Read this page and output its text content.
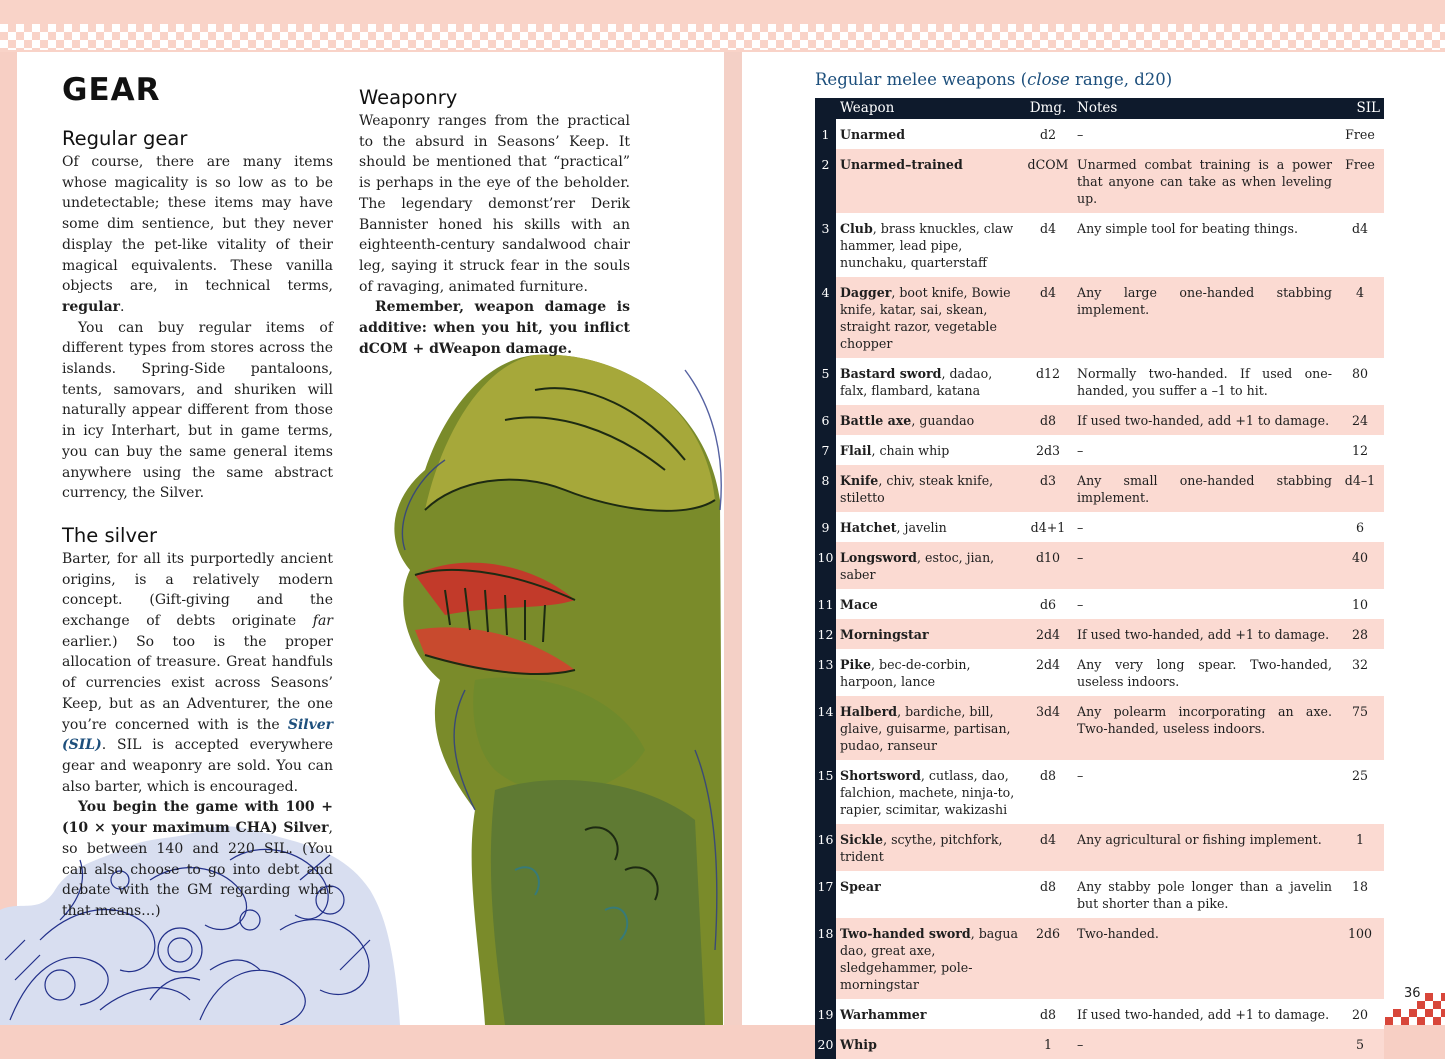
GEAR
Regular gear

Of course, there are many items whose magicality is so low as to be undetectable; these items may have some dim sentience, but they never display the pet-like vitality of their magical equivalents. These vanilla objects are, in technical terms, regular.

You can buy regular items of different types from stores across the islands. Spring-Side pantaloons, tents, samovars, and shuriken will naturally appear different from those in icy Interhart, but in game terms, you can buy the same general items anywhere using the same abstract currency, the Silver.

The silver

Barter, for all its purportedly ancient origins, is a relatively modern concept. (Gift-giving and the exchange of debts originate far earlier.) So too is the proper allocation of treasure. Great handfuls of currencies exist across Seasons’ Keep, but as an Adventurer, the one you’re concerned with is the Silver (SIL). SIL is accepted everywhere gear and weaponry are sold. You can also barter, which is encouraged.

You begin the game with 100 + (10 × your maximum CHA) Silver, so between 140 and 220 SIL. (You can also choose to go into debt and debate with the GM regarding what that means…)

Weaponry

Weaponry ranges from the practical to the absurd in Seasons’ Keep. It should be mentioned that “practical” is perhaps in the eye of the beholder. The legendary demonst’rer Derik Bannister honed his skills with an eighteenth-century sandalwood chair leg, saying it struck fear in the souls of ravaging, animated furniture.

Remember, weapon damage is additive: when you hit, you inflict dCOM + dWeapon damage.

Regular melee weapons (close range, d20)
	Weapon	Dmg.	Notes	SIL
1	Unarmed	d2	–	Free
2	Unarmed–trained	dCOM	Unarmed combat training is a power that anyone can take as when leveling up.	Free
3	Club, brass knuckles, claw hammer, lead pipe, nunchaku, quarterstaff	d4	Any simple tool for beating things.	d4
4	Dagger, boot knife, Bowie knife, katar, sai, skean, straight razor, vegetable chopper	d4	Any large one-handed stabbing implement.	4
5	Bastard sword, dadao, falx, flambard, katana	d12	Normally two-handed. If used one-handed, you suffer a –1 to hit.	80
6	Battle axe, guandao	d8	If used two-handed, add +1 to damage.	24
7	Flail, chain whip	2d3	–	12
8	Knife, chiv, steak knife, stiletto	d3	Any small one-handed stabbing implement.	d4–1
9	Hatchet, javelin	d4+1	–	6
10	Longsword, estoc, jian, saber	d10	–	40
11	Mace	d6	–	10
12	Morningstar	2d4	If used two-handed, add +1 to damage.	28
13	Pike, bec-de-corbin, harpoon, lance	2d4	Any very long spear. Two-handed, useless indoors.	32
14	Halberd, bardiche, bill, glaive, guisarme, partisan, pudao, ranseur	3d4	Any polearm incorporating an axe. Two-handed, useless indoors.	75
15	Shortsword, cutlass, dao, falchion, machete, ninja-to, rapier, scimitar, wakizashi	d8	–	25
16	Sickle, scythe, pitchfork, trident	d4	Any agricultural or fishing implement.	1
17	Spear	d8	Any stabby pole longer than a javelin but shorter than a pike.	18
18	Two-handed sword, bagua dao, great axe, sledgehammer, pole-morningstar	2d6	Two-handed.	100
19	Warhammer	d8	If used two-handed, add +1 to damage.	20
20	Whip	1	–	5
36
